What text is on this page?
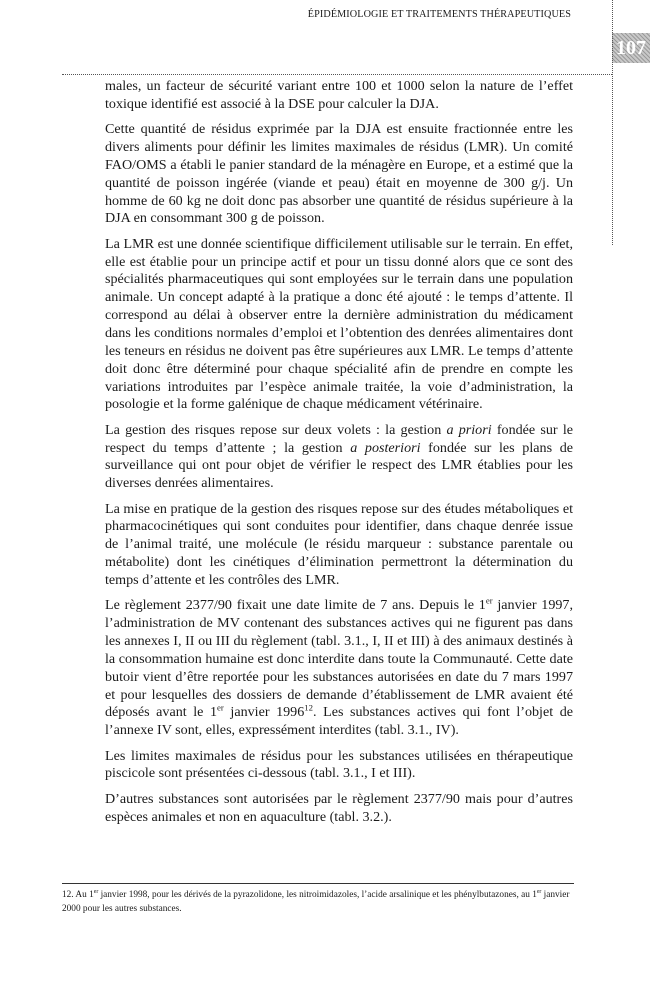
ÉPIDÉMIOLOGIE ET TRAITEMENTS THÉRAPEUTIQUES
107

males, un facteur de sécurité variant entre 100 et 1000 selon la nature de l’effet toxique identifié est associé à la DSE pour calculer la DJA.

Cette quantité de résidus exprimée par la DJA est ensuite fractionnée entre les divers aliments pour définir les limites maximales de résidus (LMR). Un comité FAO/OMS a établi le panier standard de la ménagère en Europe, et a estimé que la quantité de poisson ingérée (viande et peau) était en moyenne de 300 g/j. Un homme de 60 kg ne doit donc pas absorber une quantité de résidus supérieure à la DJA en consommant 300 g de poisson.

La LMR est une donnée scientifique difficilement utilisable sur le terrain. En effet, elle est établie pour un principe actif et pour un tissu donné alors que ce sont des spécialités pharmaceutiques qui sont employées sur le terrain dans une population animale. Un concept adapté à la pratique a donc été ajouté : le temps d’attente. Il correspond au délai à observer entre la dernière administration du médicament dans les conditions normales d’emploi et l’obtention des denrées alimentaires dont les teneurs en résidus ne doivent pas être supérieures aux LMR. Le temps d’attente doit donc être déterminé pour chaque spécialité afin de prendre en compte les variations introduites par l’espèce animale traitée, la voie d’administration, la posologie et la forme galénique de chaque médicament vétérinaire.

La gestion des risques repose sur deux volets : la gestion a priori fondée sur le respect du temps d’attente ; la gestion a posteriori fondée sur les plans de surveillance qui ont pour objet de vérifier le respect des LMR établies pour les diverses denrées alimentaires.

La mise en pratique de la gestion des risques repose sur des études métaboliques et pharmacocinétiques qui sont conduites pour identifier, dans chaque denrée issue de l’animal traité, une molécule (le résidu marqueur : substance parentale ou métabolite) dont les cinétiques d’élimination permettront la détermination du temps d’attente et les contrôles des LMR.

Le règlement 2377/90 fixait une date limite de 7 ans. Depuis le 1er janvier 1997, l’administration de MV contenant des substances actives qui ne figurent pas dans les annexes I, II ou III du règlement (tabl. 3.1., I, II et III) à des animaux destinés à la consommation humaine est donc interdite dans toute la Communauté. Cette date butoir vient d’être reportée pour les substances autorisées en date du 7 mars 1997 et pour lesquelles des dossiers de demande d’établissement de LMR avaient été déposés avant le 1er janvier 1996$^{12}$. Les substances actives qui font l’objet de l’annexe IV sont, elles, expressément interdites (tabl. 3.1., IV).

Les limites maximales de résidus pour les substances utilisées en thérapeutique piscicole sont présentées ci-dessous (tabl. 3.1., I et III).

D’autres substances sont autorisées par le règlement 2377/90 mais pour d’autres espèces animales et non en aquaculture (tabl. 3.2.).

12. Au 1er janvier 1998, pour les dérivés de la pyrazolidone, les nitroimidazoles, l’acide arsalinique et les phénylbutazones, au 1er janvier 2000 pour les autres substances.
